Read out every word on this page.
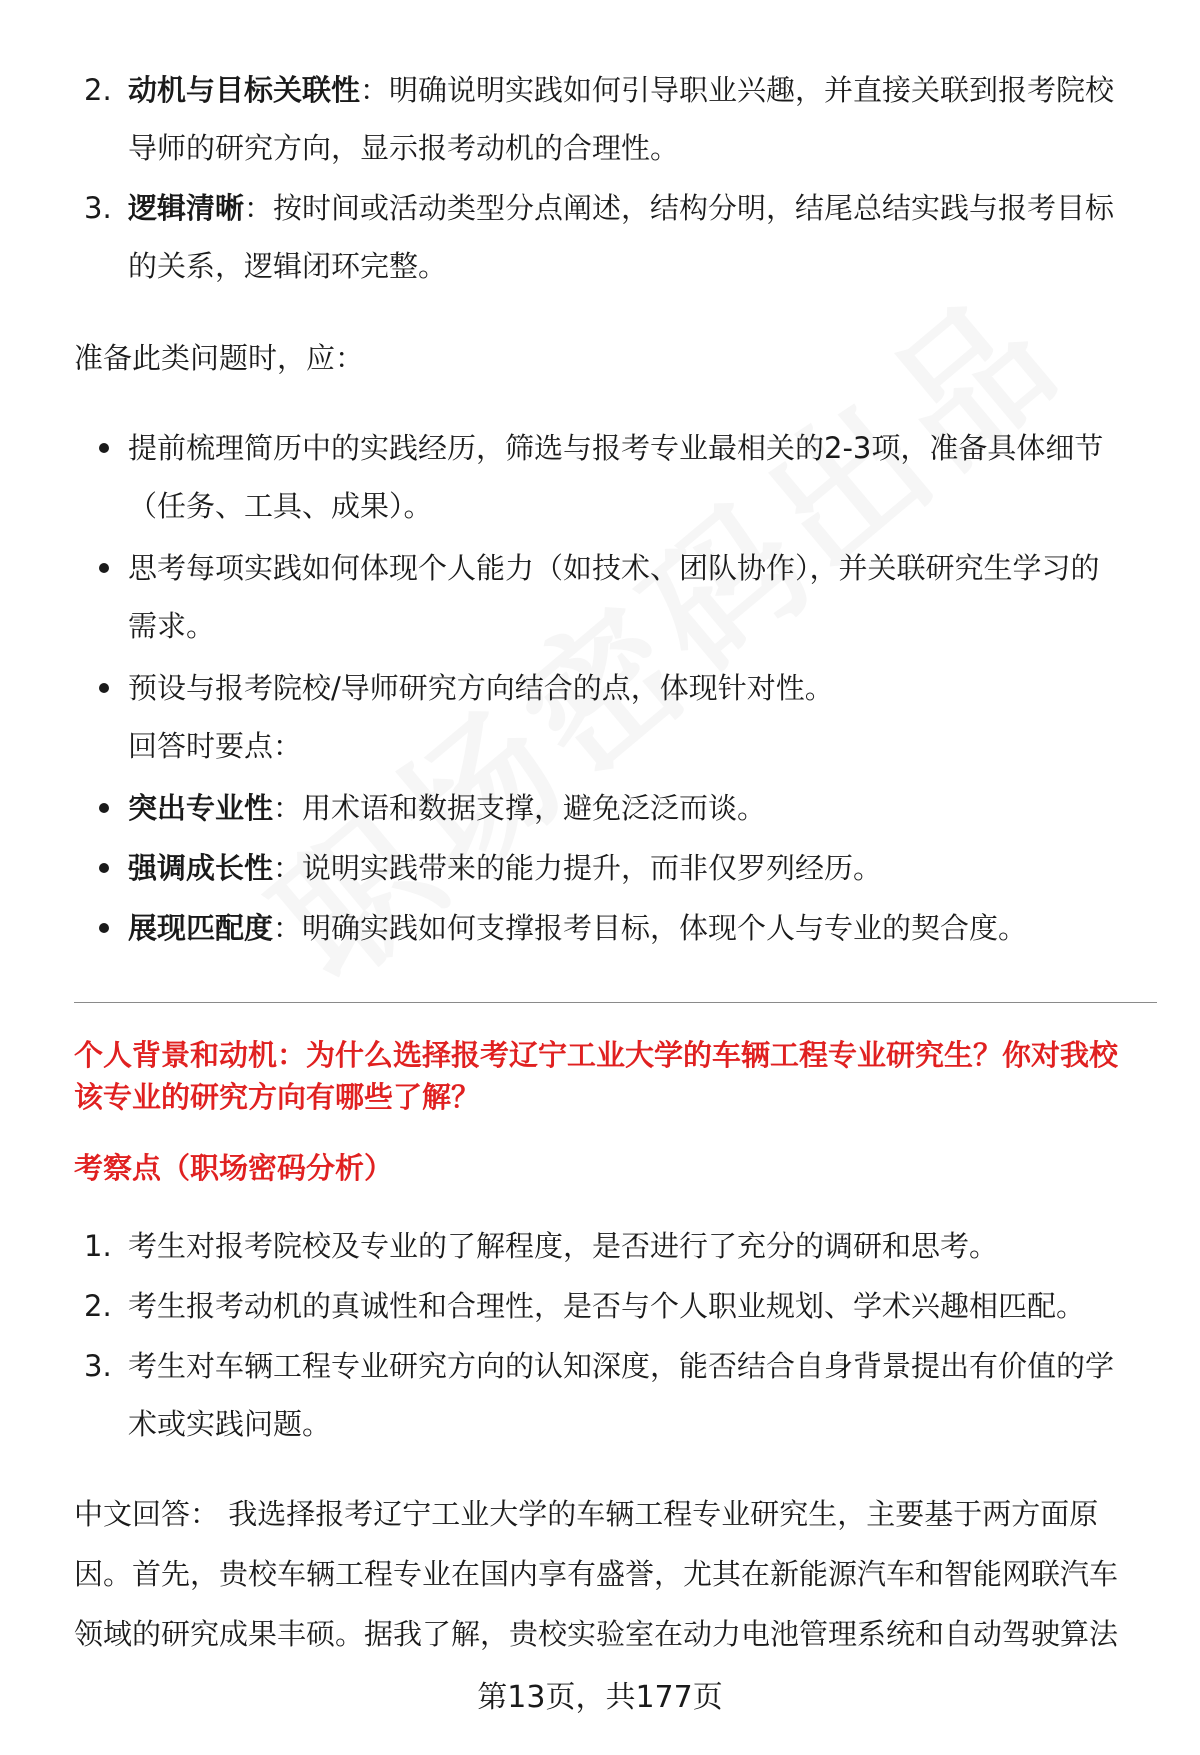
2. 动机与目标关联性：明确说明实践如何引导职业兴趣，并直接关联到报考院校
导师的研究方向，显示报考动机的合理性。
3. 逻辑清晰：按时间或活动类型分点阐述，结构分明，结尾总结实践与报考目标
的关系，逻辑闭环完整。
准备此类问题时，应：
提前梳理简历中的实践经历，筛选与报考专业最相关的2-3项，准备具体细节
（任务、工具、成果）。
思考每项实践如何体现个人能力（如技术、团队协作），并关联研究生学习的
需求。
预设与报考院校/导师研究方向结合的点，体现针对性。
回答时要点：
突出专业性：用术语和数据支撑，避免泛泛而谈。
强调成长性：说明实践带来的能力提升，而非仅罗列经历。
展现匹配度：明确实践如何支撑报考目标，体现个人与专业的契合度。
个人背景和动机：为什么选择报考辽宁工业大学的车辆工程专业研究生？你对我校
该专业的研究方向有哪些了解？
考察点（职场密码分析）
1. 考生对报考院校及专业的了解程度，是否进行了充分的调研和思考。
2. 考生报考动机的真诚性和合理性，是否与个人职业规划、学术兴趣相匹配。
3. 考生对车辆工程专业研究方向的认知深度，能否结合自身背景提出有价值的学
术或实践问题。
中文回答： 我选择报考辽宁工业大学的车辆工程专业研究生，主要基于两方面原
因。首先，贵校车辆工程专业在国内享有盛誉，尤其在新能源汽车和智能网联汽车
领域的研究成果丰硕。据我了解，贵校实验室在动力电池管理系统和自动驾驶算法
第13页，共177页
